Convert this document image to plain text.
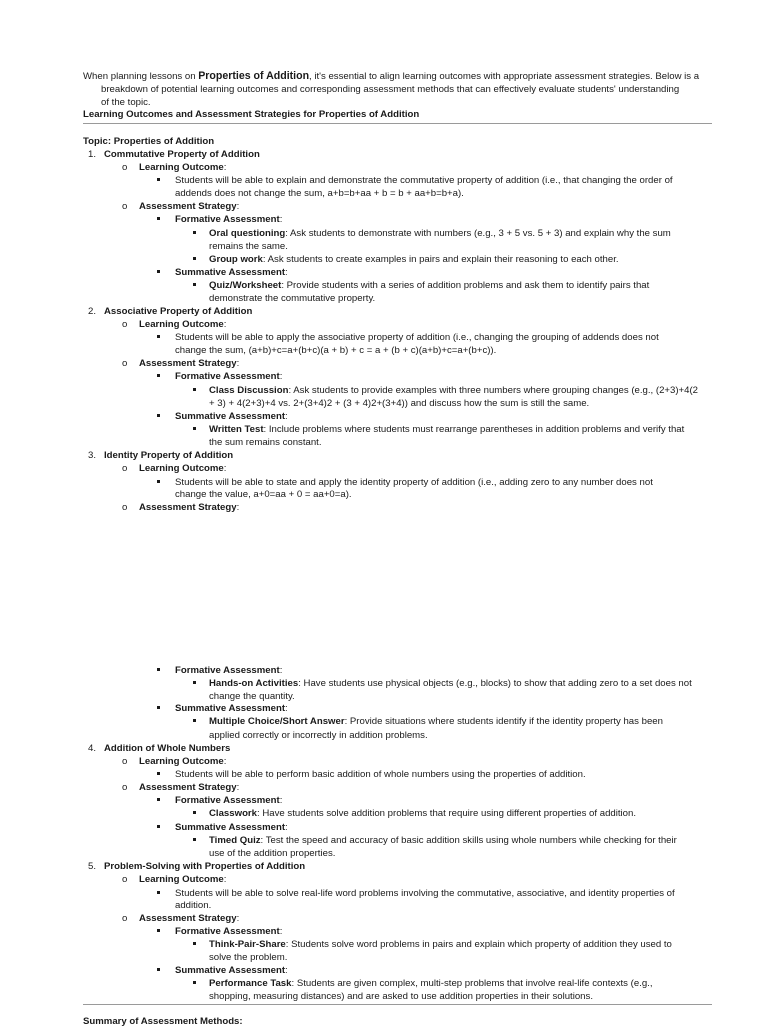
When planning lessons on Properties of Addition, it's essential to align learning outcomes with appropriate assessment strategies. Below is a
breakdown of potential learning outcomes and corresponding assessment methods that can effectively evaluate students' understanding
of the topic.
Learning Outcomes and Assessment Strategies for Properties of Addition
Topic: Properties of Addition
1. Commutative Property of Addition
o Learning Outcome:
Students will be able to explain and demonstrate the commutative property of addition (i.e., that changing the order of
addends does not change the sum, a+b=b+aa + b = b + aa+b=b+a).
o Assessment Strategy:
Formative Assessment:
Oral questioning: Ask students to demonstrate with numbers (e.g., 3 + 5 vs. 5 + 3) and explain why the sum
remains the same.
Group work: Ask students to create examples in pairs and explain their reasoning to each other.
Summative Assessment:
Quiz/Worksheet: Provide students with a series of addition problems and ask them to identify pairs that
demonstrate the commutative property.
2. Associative Property of Addition
o Learning Outcome:
Students will be able to apply the associative property of addition (i.e., changing the grouping of addends does not
change the sum, (a+b)+c=a+(b+c)(a + b) + c = a + (b + c)(a+b)+c=a+(b+c)).
o Assessment Strategy:
Formative Assessment:
Class Discussion: Ask students to provide examples with three numbers where grouping changes (e.g., (2+3)+4(2
+ 3) + 4(2+3)+4 vs. 2+(3+4)2 + (3 + 4)2+(3+4)) and discuss how the sum is still the same.
Summative Assessment:
Written Test: Include problems where students must rearrange parentheses in addition problems and verify that
the sum remains constant.
3. Identity Property of Addition
o Learning Outcome:
Students will be able to state and apply the identity property of addition (i.e., adding zero to any number does not
change the value, a+0=aa + 0 = aa+0=a).
o Assessment Strategy:
Formative Assessment:
Hands-on Activities: Have students use physical objects (e.g., blocks) to show that adding zero to a set does not
change the quantity.
Summative Assessment:
Multiple Choice/Short Answer: Provide situations where students identify if the identity property has been
applied correctly or incorrectly in addition problems.
4. Addition of Whole Numbers
o Learning Outcome:
Students will be able to perform basic addition of whole numbers using the properties of addition.
o Assessment Strategy:
Formative Assessment:
Classwork: Have students solve addition problems that require using different properties of addition.
Summative Assessment:
Timed Quiz: Test the speed and accuracy of basic addition skills using whole numbers while checking for their
use of the addition properties.
5. Problem-Solving with Properties of Addition
o Learning Outcome:
Students will be able to solve real-life word problems involving the commutative, associative, and identity properties of
addition.
o Assessment Strategy:
Formative Assessment:
Think-Pair-Share: Students solve word problems in pairs and explain which property of addition they used to
solve the problem.
Summative Assessment:
Performance Task: Students are given complex, multi-step problems that involve real-life contexts (e.g.,
shopping, measuring distances) and are asked to use addition properties in their solutions.
Summary of Assessment Methods:
